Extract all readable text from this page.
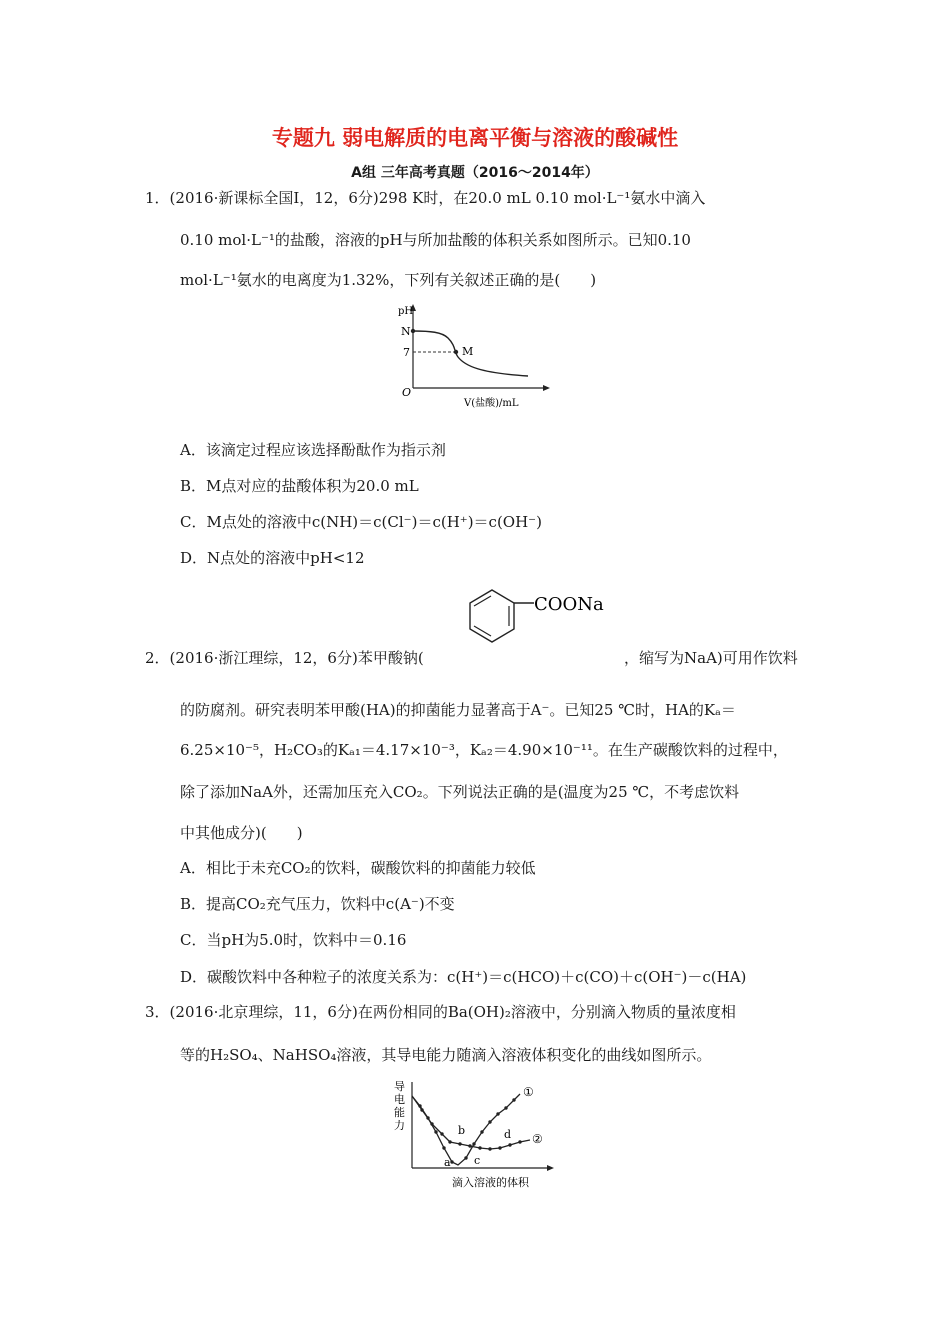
专题九 弱电解质的电离平衡与溶液的酸碱性
A组 三年高考真题（2016～2014年）
1．(2016·新课标全国Ⅰ，12，6分)298 K时，在20.0 mL 0.10 mol·L⁻¹氨水中滴入
0.10 mol·L⁻¹的盐酸，溶液的pH与所加盐酸的体积关系如图所示。已知0.10
mol·L⁻¹氨水的电离度为1.32%，下列有关叙述正确的是(　　)
pH
N
7	M
O
V(盐酸)/mL
A．该滴定过程应该选择酚酞作为指示剂
B．M点对应的盐酸体积为20.0 mL
C．M点处的溶液中c(NH)＝c(Cl⁻)＝c(H⁺)＝c(OH⁻)
D．N点处的溶液中pH<12
COONa
2．(2016·浙江理综，12，6分)苯甲酸钠(	，缩写为NaA)可用作饮料
的防腐剂。研究表明苯甲酸(HA)的抑菌能力显著高于A⁻。已知25 ℃时，HA的Kₐ＝
6.25×10⁻⁵，H₂CO₃的Kₐ₁＝4.17×10⁻³，Kₐ₂＝4.90×10⁻¹¹。在生产碳酸饮料的过程中，
除了添加NaA外，还需加压充入CO₂。下列说法正确的是(温度为25 ℃，不考虑饮料
中其他成分)(　　)
A．相比于未充CO₂的饮料，碳酸饮料的抑菌能力较低
B．提高CO₂充气压力，饮料中c(A⁻)不变
C．当pH为5.0时，饮料中＝0.16
D．碳酸饮料中各种粒子的浓度关系为：c(H⁺)＝c(HCO)＋c(CO)＋c(OH⁻)－c(HA)
3．(2016·北京理综，11，6分)在两份相同的Ba(OH)₂溶液中，分别滴入物质的量浓度相
等的H₂SO₄、NaHSO₄溶液，其导电能力随滴入溶液体积变化的曲线如图所示。
导
电
能
力
①
②
a
b
c
d
滴入溶液的体积
